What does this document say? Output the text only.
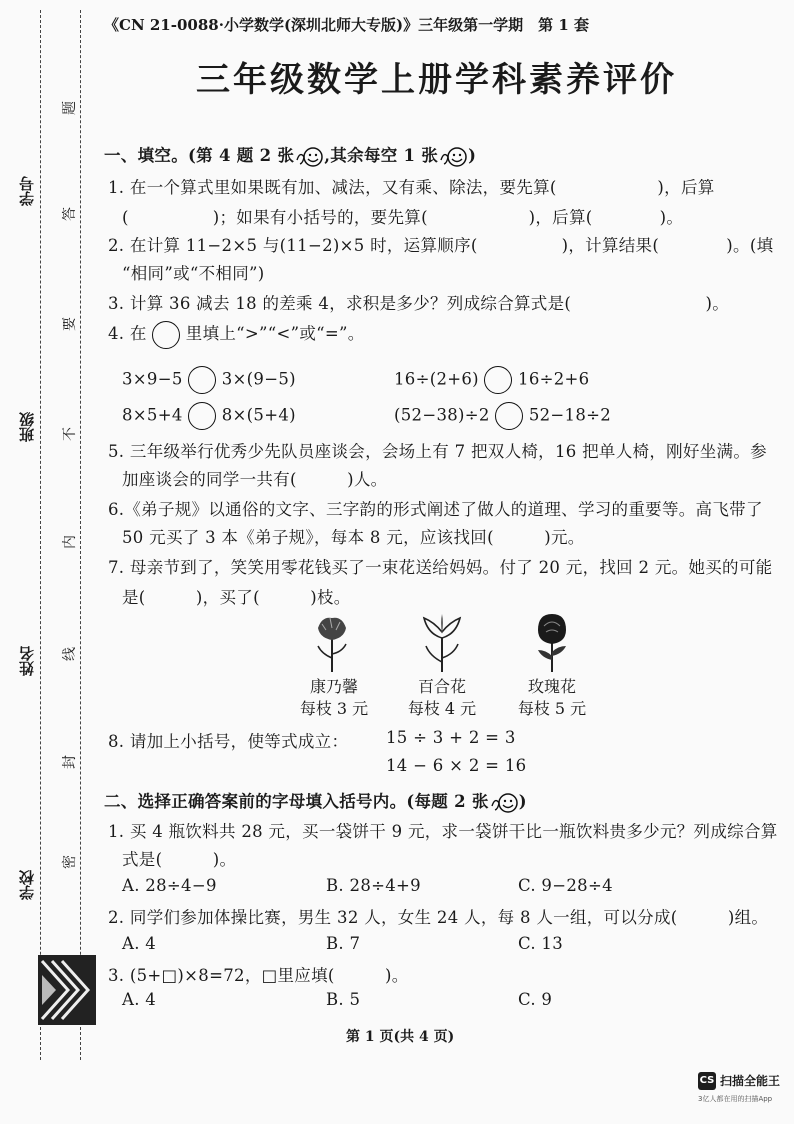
学号
班级
姓名
学校
题
答
要
不
内
线
封
密
《CN 21-0088·小学数学(深圳北师大专版)》三年级第一学期　第 1 套
三年级数学上册学科素养评价
一、填空。(第 4 题 2 张 ,其余每空 1 张 )
1. 在一个算式里如果既有加、减法，又有乘、除法，要先算(　　　　　　)，后算
(　　　　　)；如果有小括号的，要先算(　　　　　　)，后算(　　　　)。
2. 在计算 11−2×5 与(11−2)×5 时，运算顺序(　　　　　)，计算结果(　　　　)。(填
“相同”或“不相同”)
3. 计算 36 减去 18 的差乘 4，求积是多少？列成综合算式是(　　　　　　　　)。
4. 在 里填上“>”“<”或“=”。
3×9−5 3×(9−5)	16÷(2+6) 16÷2+6
8×5+4 8×(5+4)	(52−38)÷2 52−18÷2
5. 三年级举行优秀少先队员座谈会，会场上有 7 把双人椅，16 把单人椅，刚好坐满。参
加座谈会的同学一共有(　　　)人。
6.《弟子规》以通俗的文字、三字韵的形式阐述了做人的道理、学习的重要等。高飞带了
50 元买了 3 本《弟子规》，每本 8 元，应该找回(　　　)元。
7. 母亲节到了，笑笑用零花钱买了一束花送给妈妈。付了 20 元，找回 2 元。她买的可能
是(　　　)，买了(　　　)枝。
康乃馨
每枝 3 元
百合花
每枝 4 元
玫瑰花
每枝 5 元
8. 请加上小括号，使等式成立： 15 ÷ 3 + 2 = 3
14 − 6 × 2 = 16
二、选择正确答案前的字母填入括号内。(每题 2 张 )
1. 买 4 瓶饮料共 28 元，买一袋饼干 9 元，求一袋饼干比一瓶饮料贵多少元？列成综合算
式是(　　　)。
A. 28÷4−9	B. 28÷4+9	C. 9−28÷4
2. 同学们参加体操比赛，男生 32 人，女生 24 人，每 8 人一组，可以分成(　　　)组。
A. 4	B. 7	C. 13
3. (5+□)×8=72，□里应填(　　　)。
A. 4	B. 5	C. 9
第 1 页(共 4 页)
CS 扫描全能王
3亿人都在用的扫描App
